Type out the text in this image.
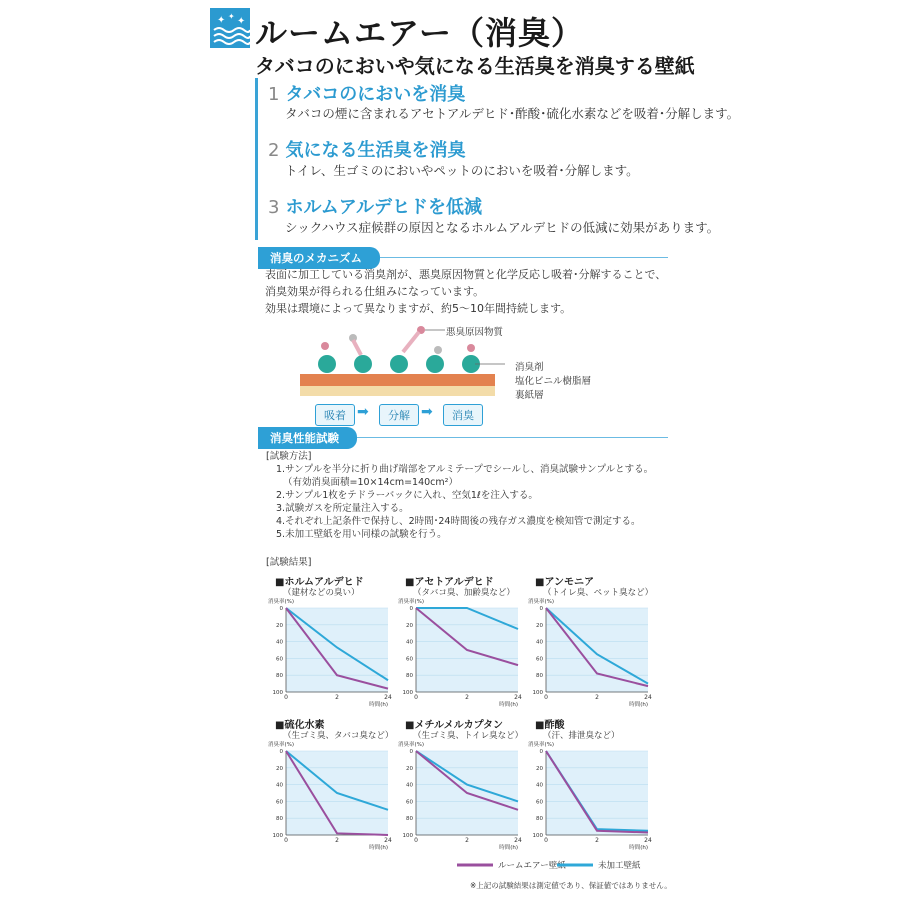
✦ ✦ ✦ ルームエアー（消臭）
タバコのにおいや気になる生活臭を消臭する壁紙
1 タバコのにおいを消臭
タバコの煙に含まれるアセトアルデヒド･酢酸･硫化水素などを吸着･分解します。
2 気になる生活臭を消臭
トイレ、生ゴミのにおいやペットのにおいを吸着･分解します。
3 ホルムアルデヒドを低減
シックハウス症候群の原因となるホルムアルデヒドの低減に効果があります。
消臭のメカニズム
表面に加工している消臭剤が、悪臭原因物質と化学反応し吸着･分解することで、
消臭効果が得られる仕組みになっています。
効果は環境によって異なりますが、約5～10年間持続します。
悪臭原因物質
消臭剤
塩化ビニル樹脂層
裏紙層
吸着 ➡	分解 ➡	消臭
消臭性能試験
[試験方法]
1.サンプルを半分に折り曲げ端部をアルミテープでシールし、消臭試験サンプルとする。
（有効消臭面積=10×14cm=140cm²）
2.サンプル1枚をテドラーバックに入れ、空気1ℓを注入する。
3.試験ガスを所定量注入する。
4.それぞれ上記条件で保持し、2時間･24時間後の残存ガス濃度を検知管で測定する。
5.未加工壁紙を用い同様の試験を行う。
[試験結果]
■ホルムアルデヒド
（建材などの臭い）
■アセトアルデヒド
（タバコ臭、加齢臭など）
■アンモニア
（トイレ臭、ペット臭など）
■硫化水素
（生ゴミ臭、タバコ臭など）
■メチルメルカプタン
（生ゴミ臭、トイレ臭など）
■酢酸
（汗、排泄臭など）
消臭率(%)
0
20
40
60
80
100
0	2	24
時間(h)
消臭率(%)
0
20
40
60
80
100
0	2	24
時間(h)
消臭率(%)
0
20
40
60
80
100
0	2	24
時間(h)
消臭率(%)
0
20
40
60
80
100
0	2	24
時間(h)
消臭率(%)
0
20
40
60
80
100
0	2	24
時間(h)
消臭率(%)
0
20
40
60
80
100
0	2	24
時間(h)
ルームエアー壁紙	未加工壁紙
※上記の試験結果は測定値であり、保証値ではありません。
